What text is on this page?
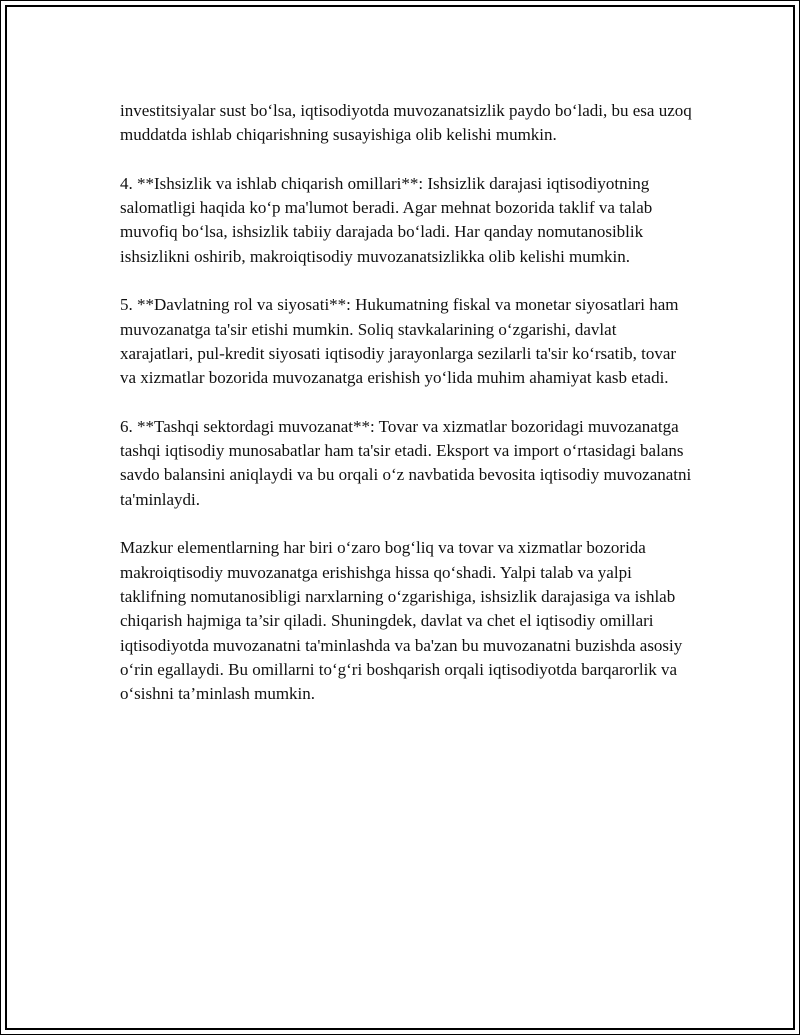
investitsiyalar sust bo‘lsa, iqtisodiyotda muvozanatsizlik paydo bo‘ladi, bu esa uzoq muddatda ishlab chiqarishning susayishiga olib kelishi mumkin.

4. **Ishsizlik va ishlab chiqarish omillari**: Ishsizlik darajasi iqtisodiyotning salomatligi haqida ko‘p ma'lumot beradi. Agar mehnat bozorida taklif va talab muvofiq bo‘lsa, ishsizlik tabiiy darajada bo‘ladi. Har qanday nomutanosiblik ishsizlikni oshirib, makroiqtisodiy muvozanatsizlikka olib kelishi mumkin.

5. **Davlatning rol va siyosati**: Hukumatning fiskal va monetar siyosatlari ham muvozanatga ta'sir etishi mumkin. Soliq stavkalarining o‘zgarishi, davlat xarajatlari, pul-kredit siyosati iqtisodiy jarayonlarga sezilarli ta'sir ko‘rsatib, tovar va xizmatlar bozorida muvozanatga erishish yo‘lida muhim ahamiyat kasb etadi.

6. **Tashqi sektordagi muvozanat**: Tovar va xizmatlar bozoridagi muvozanatga tashqi iqtisodiy munosabatlar ham ta'sir etadi. Eksport va import o‘rtasidagi balans savdo balansini aniqlaydi va bu orqali o‘z navbatida bevosita iqtisodiy muvozanatni ta'minlaydi.

Mazkur elementlarning har biri o‘zaro bog‘liq va tovar va xizmatlar bozorida makroiqtisodiy muvozanatga erishishga hissa qo‘shadi. Yalpi talab va yalpi taklifning nomutanosibligi narxlarning o‘zgarishiga, ishsizlik darajasiga va ishlab chiqarish hajmiga ta’sir qiladi. Shuningdek, davlat va chet el iqtisodiy omillari iqtisodiyotda muvozanatni ta'minlashda va ba'zan bu muvozanatni buzishda asosiy o‘rin egallaydi. Bu omillarni to‘g‘ri boshqarish orqali iqtisodiyotda barqarorlik va o‘sishni ta’minlash mumkin.
